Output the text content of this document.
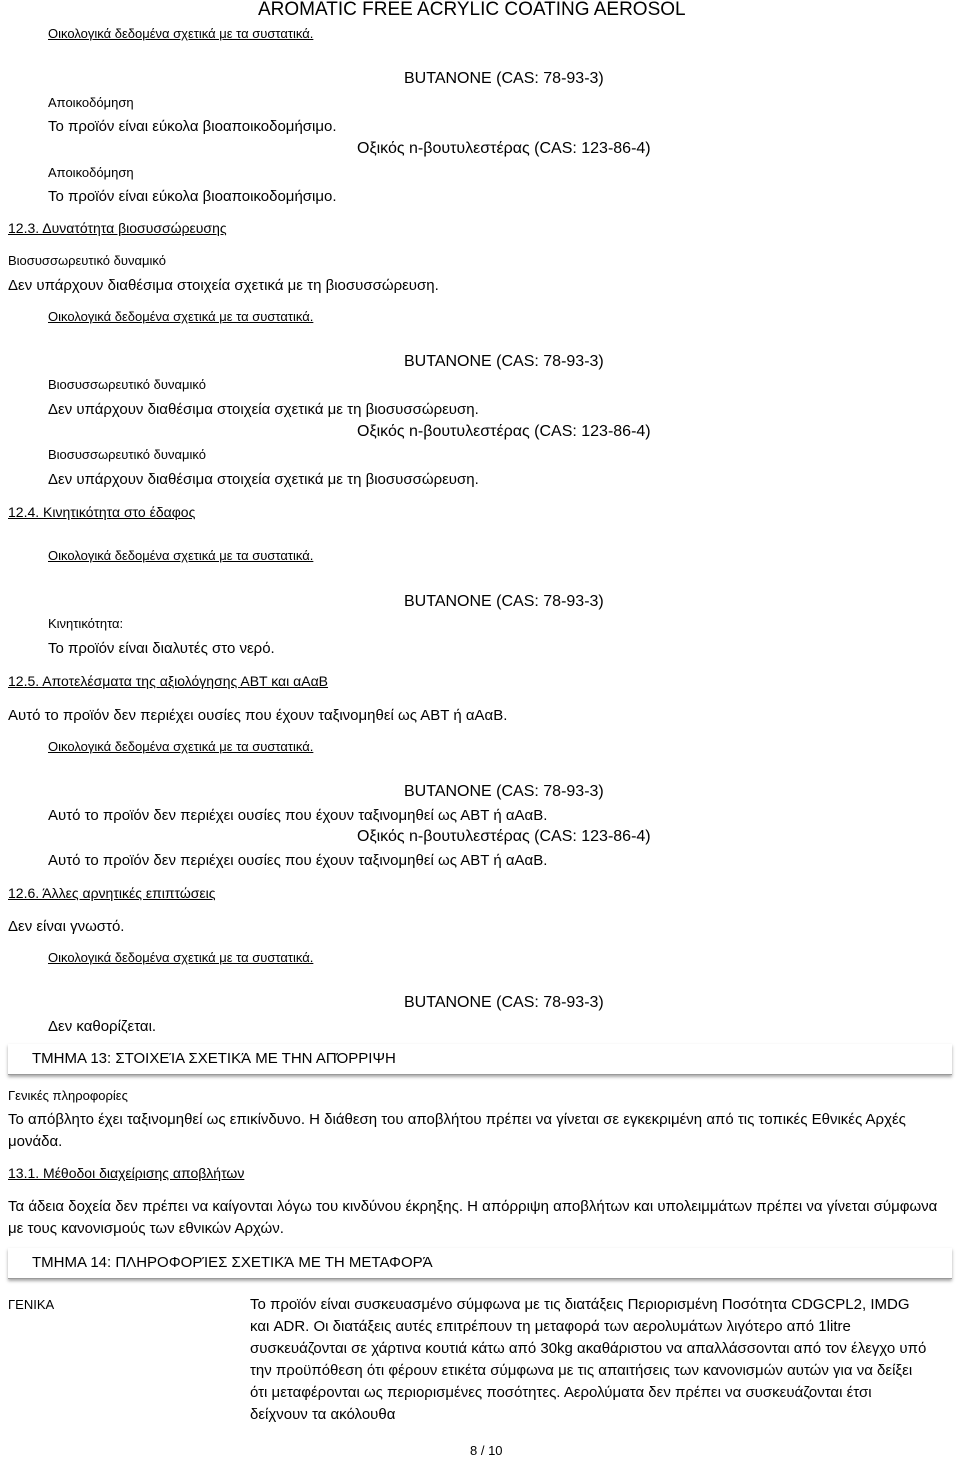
AROMATIC FREE ACRYLIC COATING AEROSOL
Οικολογικά δεδομένα σχετικά με τα συστατικά.
BUTANONE (CAS: 78-93-3)
Αποικοδόμηση
Το προϊόν είναι εύκολα βιοαποικοδομήσιμο.
Οξικός n-βουτυλεστέρας (CAS: 123-86-4)
Αποικοδόμηση
Το προϊόν είναι εύκολα βιοαποικοδομήσιμο.
12.3. Δυνατότητα βιοσυσσώρευσης
Βιοσυσσωρευτικό δυναμικό
Δεν υπάρχουν διαθέσιμα στοιχεία σχετικά με τη βιοσυσσώρευση.
Οικολογικά δεδομένα σχετικά με τα συστατικά.
BUTANONE (CAS: 78-93-3)
Βιοσυσσωρευτικό δυναμικό
Δεν υπάρχουν διαθέσιμα στοιχεία σχετικά με τη βιοσυσσώρευση.
Οξικός n-βουτυλεστέρας (CAS: 123-86-4)
Βιοσυσσωρευτικό δυναμικό
Δεν υπάρχουν διαθέσιμα στοιχεία σχετικά με τη βιοσυσσώρευση.
12.4. Κινητικότητα στο έδαφος
Οικολογικά δεδομένα σχετικά με τα συστατικά.
BUTANONE (CAS: 78-93-3)
Κινητικότητα:
Το προϊόν είναι διαλυτές στο νερό.
12.5. Αποτελέσματα της αξιολόγησης ΑΒΤ και αΑαΒ
Αυτό το προϊόν δεν περιέχει ουσίες που έχουν ταξινομηθεί ως ΑΒΤ ή αΑαΒ.
Οικολογικά δεδομένα σχετικά με τα συστατικά.
BUTANONE (CAS: 78-93-3)
Αυτό το προϊόν δεν περιέχει ουσίες που έχουν ταξινομηθεί ως ΑΒΤ ή αΑαΒ.
Οξικός n-βουτυλεστέρας (CAS: 123-86-4)
Αυτό το προϊόν δεν περιέχει ουσίες που έχουν ταξινομηθεί ως ΑΒΤ ή αΑαΒ.
12.6. Άλλες αρνητικές επιπτώσεις
Δεν είναι γνωστό.
Οικολογικά δεδομένα σχετικά με τα συστατικά.
BUTANONE (CAS: 78-93-3)
Δεν καθορίζεται.
ΤΜΗΜΑ 13: ΣΤΟΙΧΕΊΑ ΣΧΕΤΙΚΆ ΜΕ ΤΗΝ ΑΠΌΡΡΙΨΗ
Γενικές πληροφορίες
Το απόβλητο έχει ταξινομηθεί ως επικίνδυνο. Η διάθεση του αποβλήτου πρέπει να γίνεται σε εγκεκριμένη από τις τοπικές Εθνικές Αρχές μονάδα.
13.1. Μέθοδοι διαχείρισης αποβλήτων
Τα άδεια δοχεία δεν πρέπει να καίγονται λόγω του κινδύνου έκρηξης. Η απόρριψη αποβλήτων και υπολειμμάτων πρέπει να γίνεται σύμφωνα με τους κανονισμούς των εθνικών Αρχών.
ΤΜΗΜΑ 14: ΠΛΗΡΟΦΟΡΊΕΣ ΣΧΕΤΙΚΆ ΜΕ ΤΗ ΜΕΤΑΦΟΡΆ
ΓΕΝΙΚΑ	Το προϊόν είναι συσκευασμένο σύμφωνα με τις διατάξεις Περιορισμένη Ποσότητα CDGCPL2, IMDG και ADR. Οι διατάξεις αυτές επιτρέπουν τη μεταφορά των αερολυμάτων λιγότερο από 1litre συσκευάζονται σε χάρτινα κουτιά κάτω από 30kg ακαθάριστου να απαλλάσσονται από τον έλεγχο υπό την προϋπόθεση ότι φέρουν ετικέτα σύμφωνα με τις απαιτήσεις των κανονισμών αυτών για να δείξει ότι μεταφέρονται ως περιορισμένες ποσότητες. Αερολύματα δεν πρέπει να συσκευάζονται έτσι δείχνουν τα ακόλουθα
8 / 10
